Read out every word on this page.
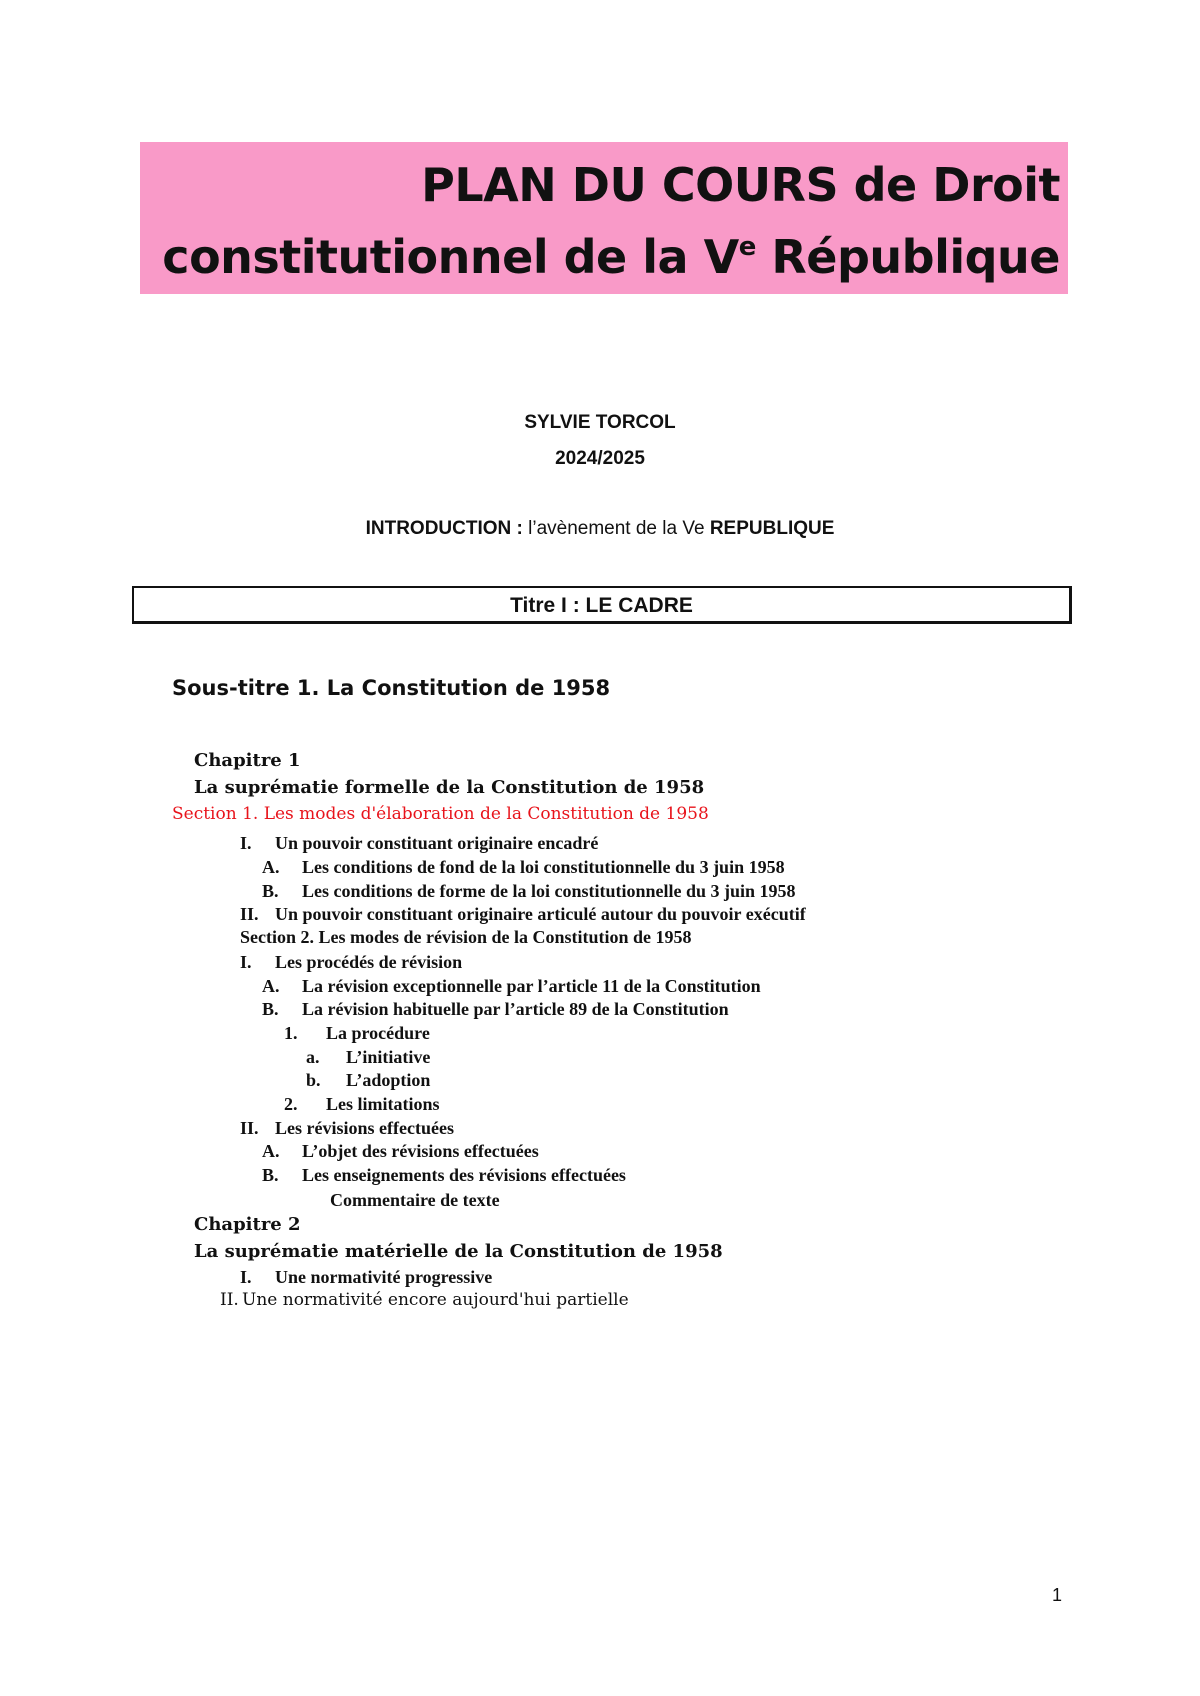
PLAN DU COURS de Droit
constitutionnel de la Ve République
SYLVIE TORCOL
2024/2025
INTRODUCTION : l’avènement de la Ve REPUBLIQUE
Titre I : LE CADRE
Sous-titre 1. La Constitution de 1958
Chapitre 1
La suprématie formelle de la Constitution de 1958
Section 1. Les modes d'élaboration de la Constitution de 1958
I. Un pouvoir constituant originaire encadré
A. Les conditions de fond de la loi constitutionnelle du 3 juin 1958
B. Les conditions de forme de la loi constitutionnelle du 3 juin 1958
II. Un pouvoir constituant originaire articulé autour du pouvoir exécutif
Section 2. Les modes de révision de la Constitution de 1958
I. Les procédés de révision
A. La révision exceptionnelle par l’article 11 de la Constitution
B. La révision habituelle par l’article 89 de la Constitution
1. La procédure
a. L’initiative
b. L’adoption
2. Les limitations
II. Les révisions effectuées
A. L’objet des révisions effectuées
B. Les enseignements des révisions effectuées
Commentaire de texte
Chapitre 2
La suprématie matérielle de la Constitution de 1958
I. Une normativité progressive
II. Une normativité encore aujourd'hui partielle
1
